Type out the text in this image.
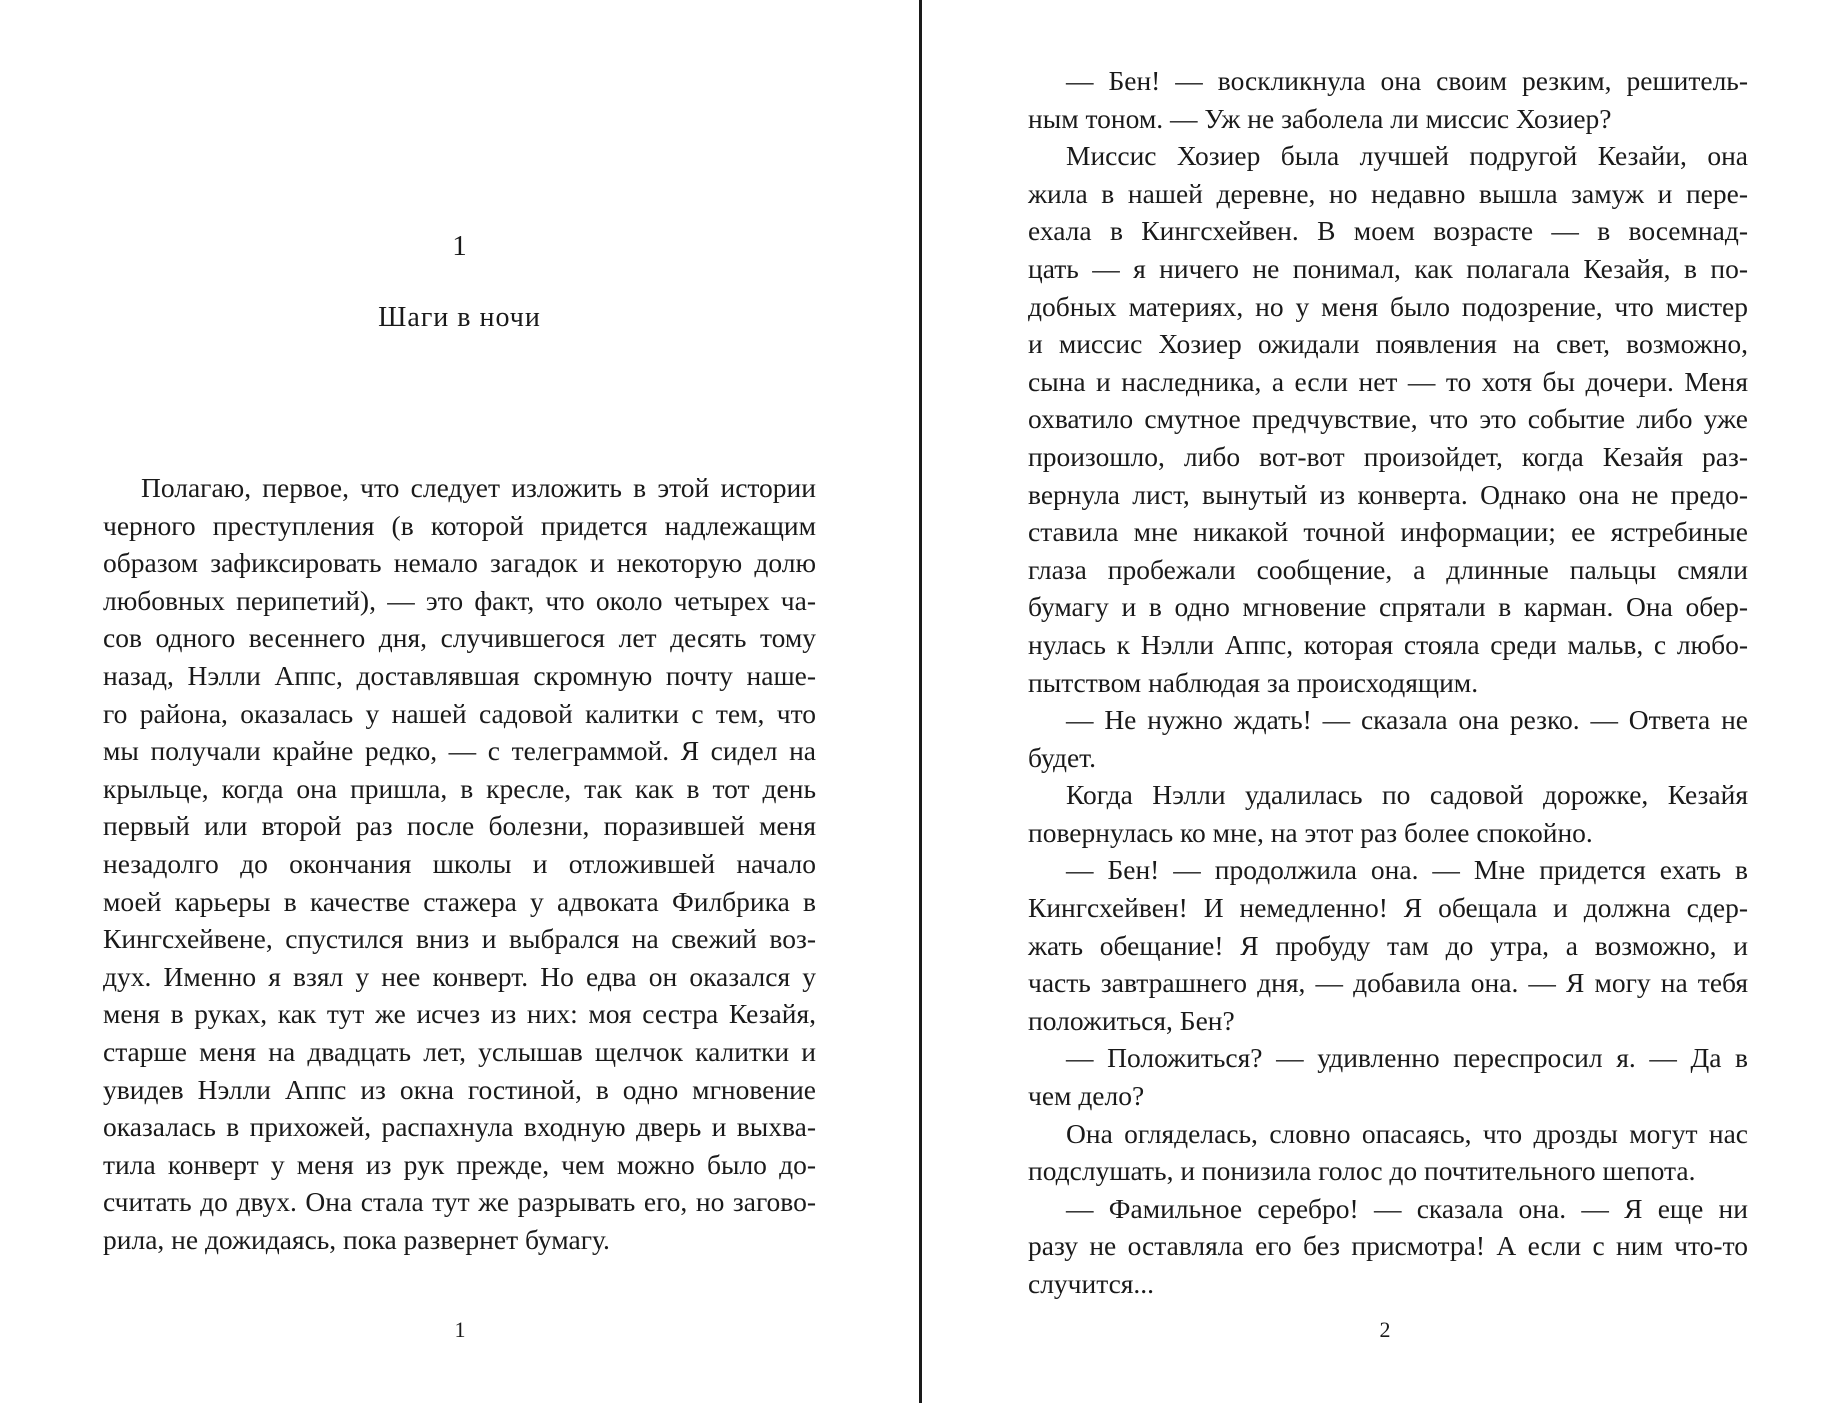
1
Шаги в ночи
Полагаю, первое, что следует изложить в этой истории
черного преступления (в которой придется надлежащим
образом зафиксировать немало загадок и некоторую долю
любовных перипетий), — это факт, что около четырех ча-
сов одного весеннего дня, случившегося лет десять тому
назад, Нэлли Аппс, доставлявшая скромную почту наше-
го района, оказалась у нашей садовой калитки с тем, что
мы получали крайне редко, — с телеграммой. Я сидел на
крыльце, когда она пришла, в кресле, так как в тот день
первый или второй раз после болезни, поразившей меня
незадолго до окончания школы и отложившей начало
моей карьеры в качестве стажера у адвоката Филбрика в
Кингсхейвене, спустился вниз и выбрался на свежий воз-
дух. Именно я взял у нее конверт. Но едва он оказался у
меня в руках, как тут же исчез из них: моя сестра Кезайя,
старше меня на двадцать лет, услышав щелчок калитки и
увидев Нэлли Аппс из окна гостиной, в одно мгновение
оказалась в прихожей, распахнула входную дверь и выхва-
тила конверт у меня из рук прежде, чем можно было до-
считать до двух. Она стала тут же разрывать его, но загово-
рила, не дожидаясь, пока развернет бумагу.
1
— Бен! — воскликнула она своим резким, решитель-
ным тоном. — Уж не заболела ли миссис Хозиер?
Миссис Хозиер была лучшей подругой Кезайи, она
жила в нашей деревне, но недавно вышла замуж и пере-
ехала в Кингсхейвен. В моем возрасте — в восемнад-
цать — я ничего не понимал, как полагала Кезайя, в по-
добных материях, но у меня было подозрение, что мистер
и миссис Хозиер ожидали появления на свет, возможно,
сына и наследника, а если нет — то хотя бы дочери. Меня
охватило смутное предчувствие, что это событие либо уже
произошло, либо вот-вот произойдет, когда Кезайя раз-
вернула лист, вынутый из конверта. Однако она не предо-
ставила мне никакой точной информации; ее ястребиные
глаза пробежали сообщение, а длинные пальцы смяли
бумагу и в одно мгновение спрятали в карман. Она обер-
нулась к Нэлли Аппс, которая стояла среди мальв, с любо-
пытством наблюдая за происходящим.
— Не нужно ждать! — сказала она резко. — Ответа не
будет.
Когда Нэлли удалилась по садовой дорожке, Кезайя
повернулась ко мне, на этот раз более спокойно.
— Бен! — продолжила она. — Мне придется ехать в
Кингсхейвен! И немедленно! Я обещала и должна сдер-
жать обещание! Я пробуду там до утра, а возможно, и
часть завтрашнего дня, — добавила она. — Я могу на тебя
положиться, Бен?
— Положиться? — удивленно переспросил я. — Да в
чем дело?
Она огляделась, словно опасаясь, что дрозды могут нас
подслушать, и понизила голос до почтительного шепота.
— Фамильное серебро! — сказала она. — Я еще ни
разу не оставляла его без присмотра! А если с ним что-то
случится...
2
